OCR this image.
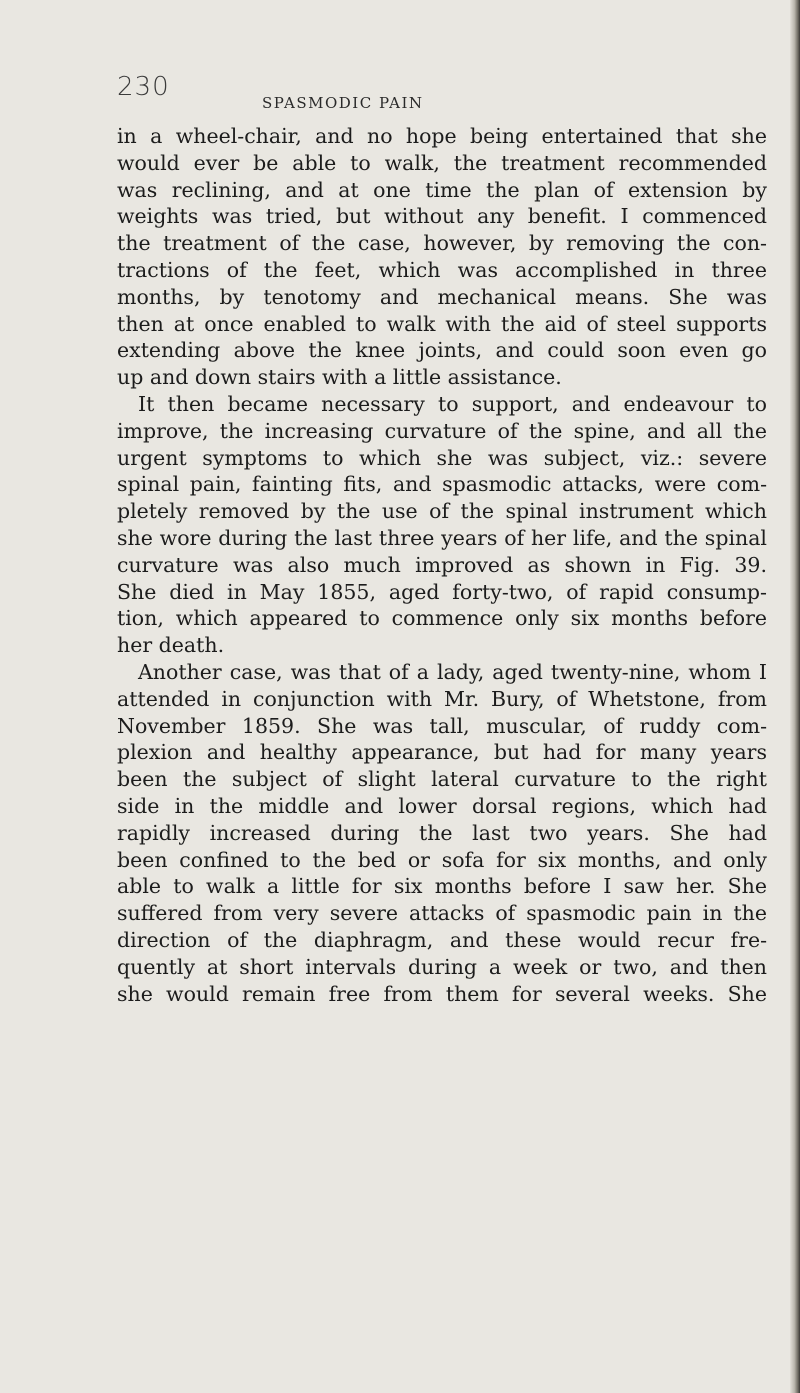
230
SPASMODIC PAIN
in a wheel-chair, and no hope being entertained that she
would ever be able to walk, the treatment recommended
was reclining, and at one time the plan of extension by
weights was tried, but without any benefit. I commenced
the treatment of the case, however, by removing the con-
tractions of the feet, which was accomplished in three
months, by tenotomy and mechanical means. She was
then at once enabled to walk with the aid of steel supports
extending above the knee joints, and could soon even go
up and down stairs with a little assistance.
It then became necessary to support, and endeavour to
improve, the increasing curvature of the spine, and all the
urgent symptoms to which she was subject, viz.: severe
spinal pain, fainting fits, and spasmodic attacks, were com-
pletely removed by the use of the spinal instrument which
she wore during the last three years of her life, and the spinal
curvature was also much improved as shown in Fig. 39.
She died in May 1855, aged forty-two, of rapid consump-
tion, which appeared to commence only six months before
her death.
Another case, was that of a lady, aged twenty-nine, whom I
attended in conjunction with Mr. Bury, of Whetstone, from
November 1859. She was tall, muscular, of ruddy com-
plexion and healthy appearance, but had for many years
been the subject of slight lateral curvature to the right
side in the middle and lower dorsal regions, which had
rapidly increased during the last two years. She had
been confined to the bed or sofa for six months, and only
able to walk a little for six months before I saw her. She
suffered from very severe attacks of spasmodic pain in the
direction of the diaphragm, and these would recur fre-
quently at short intervals during a week or two, and then
she would remain free from them for several weeks. She
